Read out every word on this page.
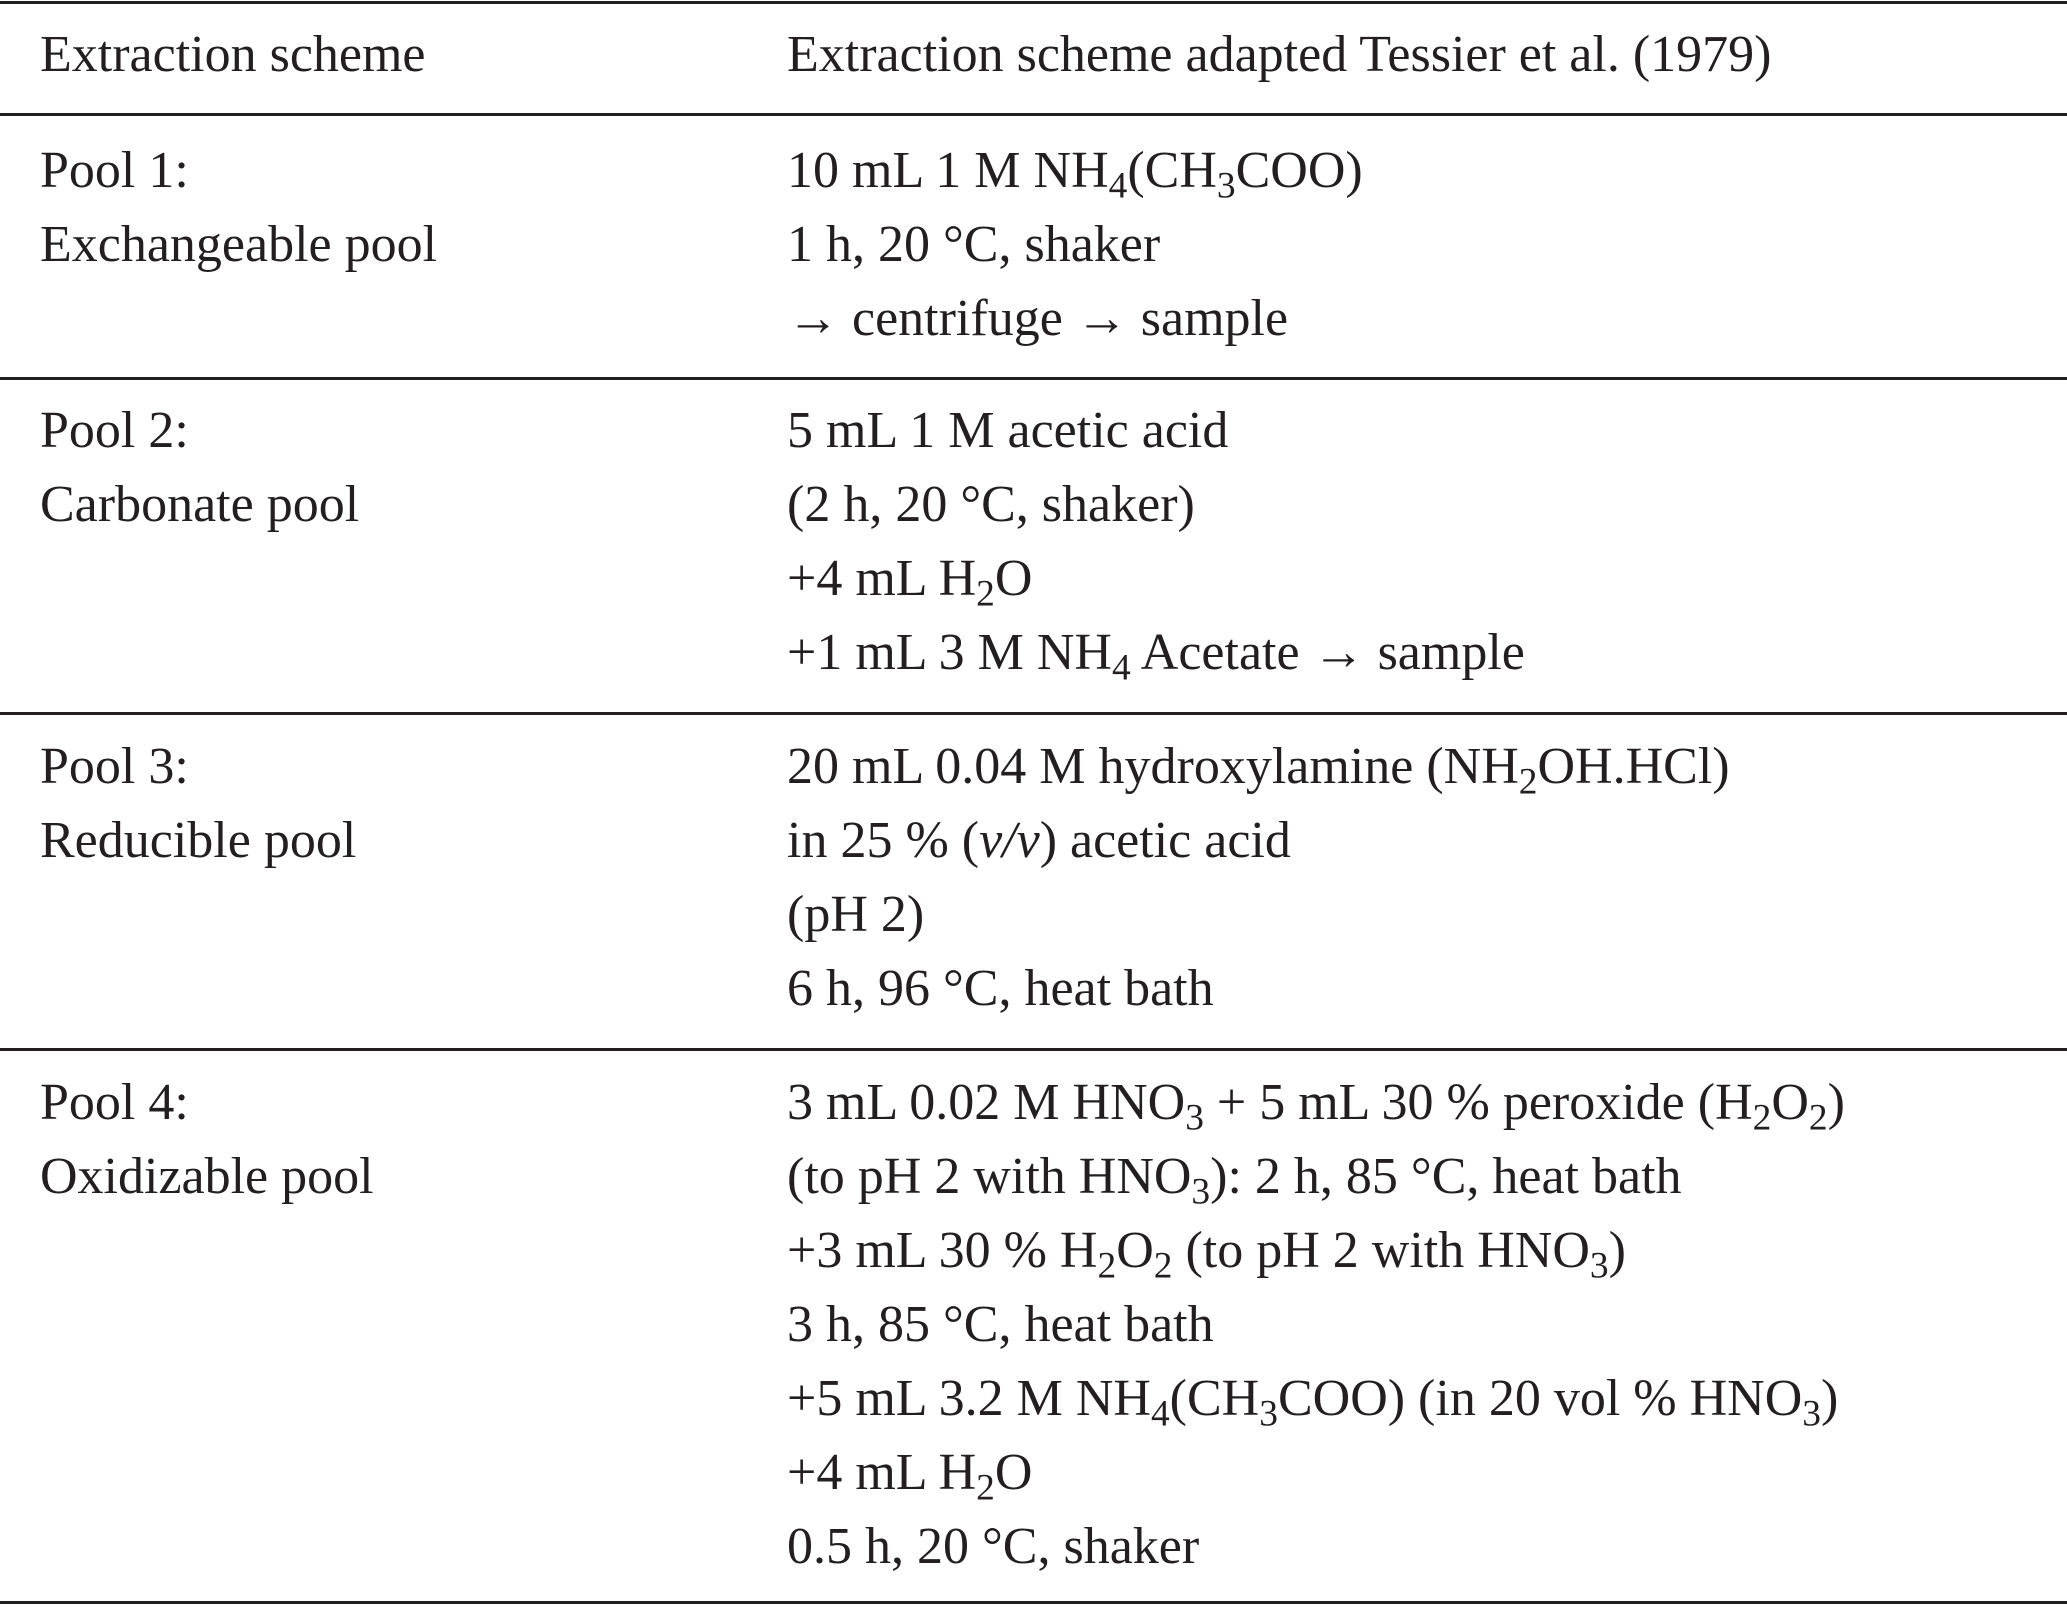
Extraction scheme	Extraction scheme adapted Tessier et al. (1979)
Pool 1:
Exchangeable pool
10 mL 1 M $NH_4(CH_3COO)$
1 h, 20 °C, shaker
→ centrifuge → sample
Pool 2:
Carbonate pool
5 mL 1 M acetic acid
(2 h, 20 °C, shaker)
+4 mL $H_2O$
+1 mL 3 M $NH_4$ Acetate → sample
Pool 3:
Reducible pool
20 mL 0.04 M hydroxylamine $(NH_2OH.HCl)$
in 25 % (v/v) acetic acid
(pH 2)
6 h, 96 °C, heat bath
Pool 4:
Oxidizable pool
3 mL 0.02 M $HNO_3 + 5$ mL 30 % peroxide $(H_2O_2)$
(to pH 2 with $HNO_3$): 2 h, 85 °C, heat bath
+3 mL 30 % $H_2O_2$ (to pH 2 with $HNO_3$)
3 h, 85 °C, heat bath
+5 mL 3.2 M $NH_4(CH_3COO)$ (in 20 vol % $HNO_3$)
+4 mL $H_2O$
0.5 h, 20 °C, shaker
